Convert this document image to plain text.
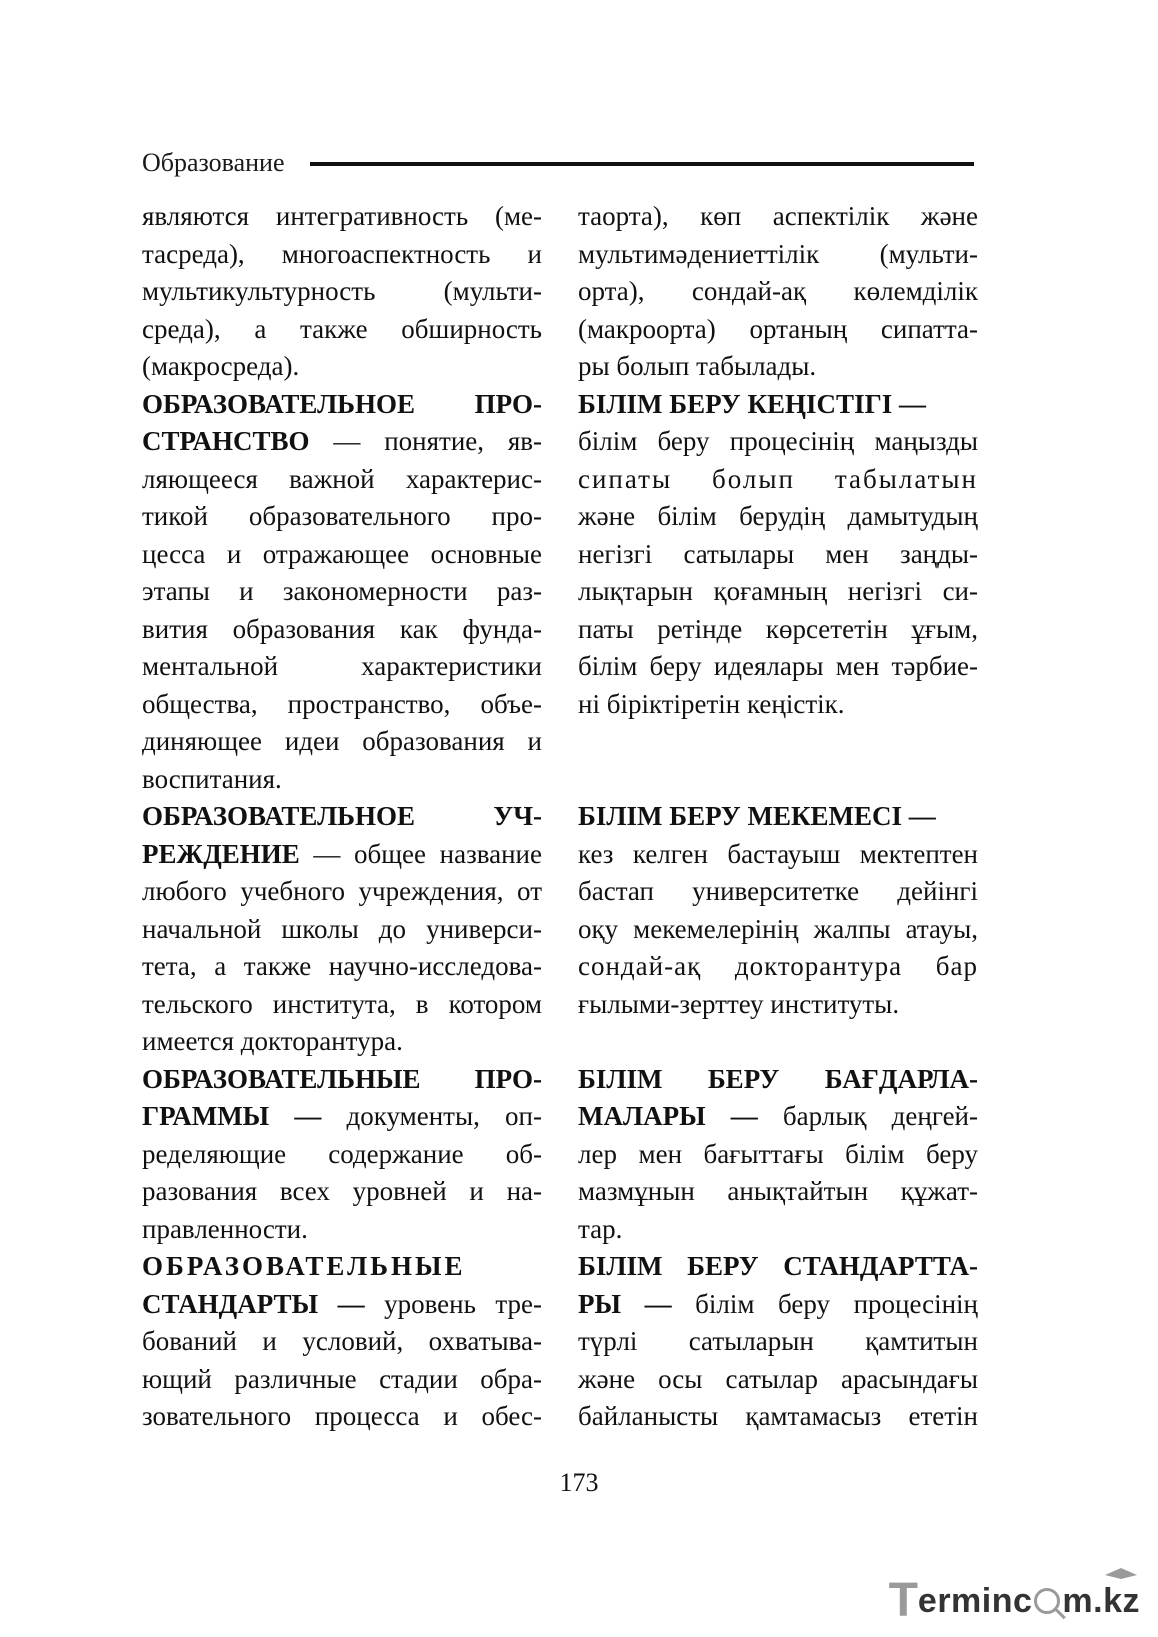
Образование
являются интегративность (ме-
тасреда), многоаспектность и
мультикультурность (мульти-
среда), а также обширность
(макросреда).
ОБРАЗОВАТЕЛЬНОЕ ПРО-
СТРАНСТВО — понятие, яв-
ляющееся важной характерис-
тикой образовательного про-
цесса и отражающее основные
этапы и закономерности раз-
вития образования как фунда-
ментальной характеристики
общества, пространство, объе-
диняющее идеи образования и
воспитания.
ОБРАЗОВАТЕЛЬНОЕ УЧ-
РЕЖДЕНИЕ — общее название
любого учебного учреждения, от
начальной школы до универси-
тета, а также научно-исследова-
тельского института, в котором
имеется докторантура.
ОБРАЗОВАТЕЛЬНЫЕ ПРО-
ГРАММЫ — документы, оп-
ределяющие содержание об-
разования всех уровней и на-
правленности.
ОБРАЗОВАТЕЛЬНЫЕ
СТАНДАРТЫ — уровень тре-
бований и условий, охватыва-
ющий различные стадии обра-
зовательного процесса и обес-
таорта), көп аспектілік және
мультимәдениеттілік (мульти-
орта), сондай-ақ көлемділік
(макроорта) ортаның сипатта-
ры болып табылады.
БІЛІМ БЕРУ КЕҢІСТІГІ —
білім беру процесінің маңызды
сипаты болып табылатын
және білім берудің дамытудың
негізгі сатылары мен заңды-
лықтарын қоғамның негізгі си-
паты ретінде көрсететін ұғым,
білім беру идеялары мен тәрбие-
ні біріктіретін кеңістік.
БІЛІМ БЕРУ МЕКЕМЕСІ —
кез келген бастауыш мектептен
бастап университетке дейінгі
оқу мекемелерінің жалпы атауы,
сондай-ақ докторантура бар
ғылыми-зерттеу институты.
БІЛІМ БЕРУ БАҒДАРЛА-
МАЛАРЫ — барлық деңгей-
лер мен бағыттағы білім беру
мазмұнын анықтайтын құжат-
тар.
БІЛІМ БЕРУ СТАНДАРТТА-
РЫ — білім беру процесінің
түрлі сатыларын қамтитын
және осы сатылар арасындағы
байланысты қамтамасыз ететін
173
T erminc m.kz
